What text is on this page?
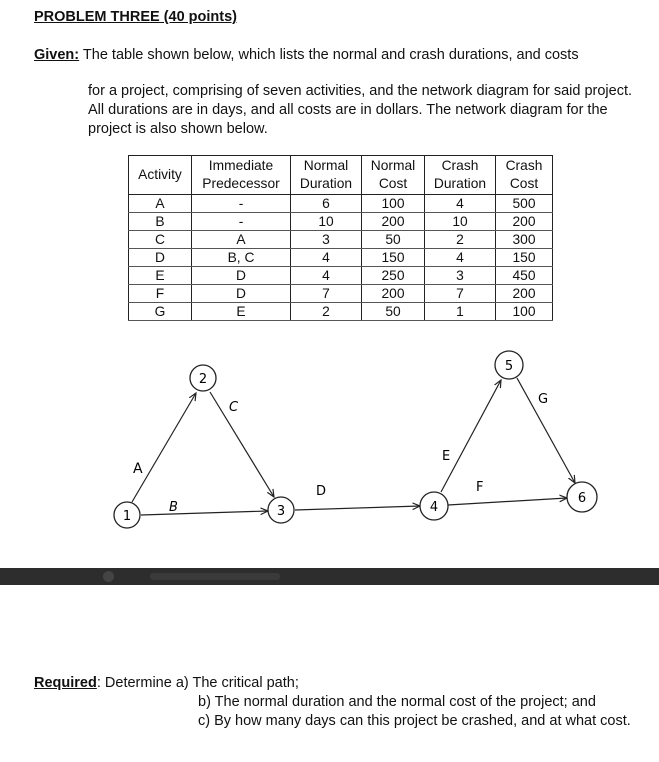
PROBLEM THREE (40 points)
Given: The table shown below, which lists the normal and crash durations, and costs
for a project, comprising of seven activities, and the network diagram for said project. All durations are in days, and all costs are in dollars. The network diagram for the project is also shown below.
Activity	Immediate Predecessor	Normal Duration	Normal Cost	Crash Duration	Crash Cost
A	-	6	100	4	500
B	-	10	200	10	200
C	A	3	50	2	300
D	B, C	4	150	4	150
E	D	4	250	3	450
F	D	7	200	7	200
G	E	2	50	1	100
A
B
C
D
E
F
G
1
2
3	4
5
6
Required: Determine a) The critical path;
b) The normal duration and the normal cost of the project; and
c) By how many days can this project be crashed, and at what cost.
